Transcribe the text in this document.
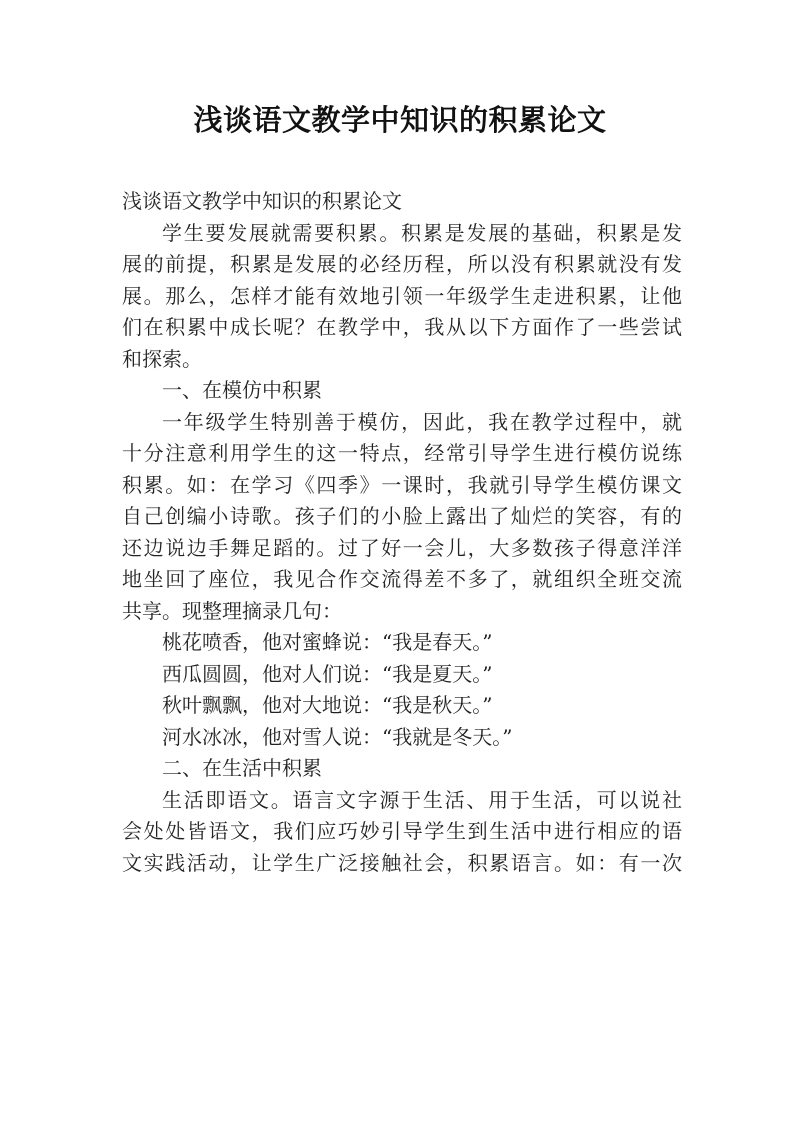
浅谈语文教学中知识的积累论文
浅谈语文教学中知识的积累论文
学生要发展就需要积累。积累是发展的基础，积累是发
展的前提，积累是发展的必经历程，所以没有积累就没有发
展。那么，怎样才能有效地引领一年级学生走进积累，让他
们在积累中成长呢？在教学中，我从以下方面作了一些尝试
和探索。
一、在模仿中积累
一年级学生特别善于模仿，因此，我在教学过程中，就
十分注意利用学生的这一特点，经常引导学生进行模仿说练
积累。如：在学习《四季》一课时，我就引导学生模仿课文
自己创编小诗歌。孩子们的小脸上露出了灿烂的笑容，有的
还边说边手舞足蹈的。过了好一会儿，大多数孩子得意洋洋
地坐回了座位，我见合作交流得差不多了，就组织全班交流
共享。现整理摘录几句：
桃花喷香，他对蜜蜂说：“我是春天。”
西瓜圆圆，他对人们说：“我是夏天。”
秋叶飘飘，他对大地说：“我是秋天。”
河水冰冰，他对雪人说：“我就是冬天。”
二、在生活中积累
生活即语文。语言文字源于生活、用于生活，可以说社
会处处皆语文，我们应巧妙引导学生到生活中进行相应的语
文实践活动，让学生广泛接触社会，积累语言。如：有一次
